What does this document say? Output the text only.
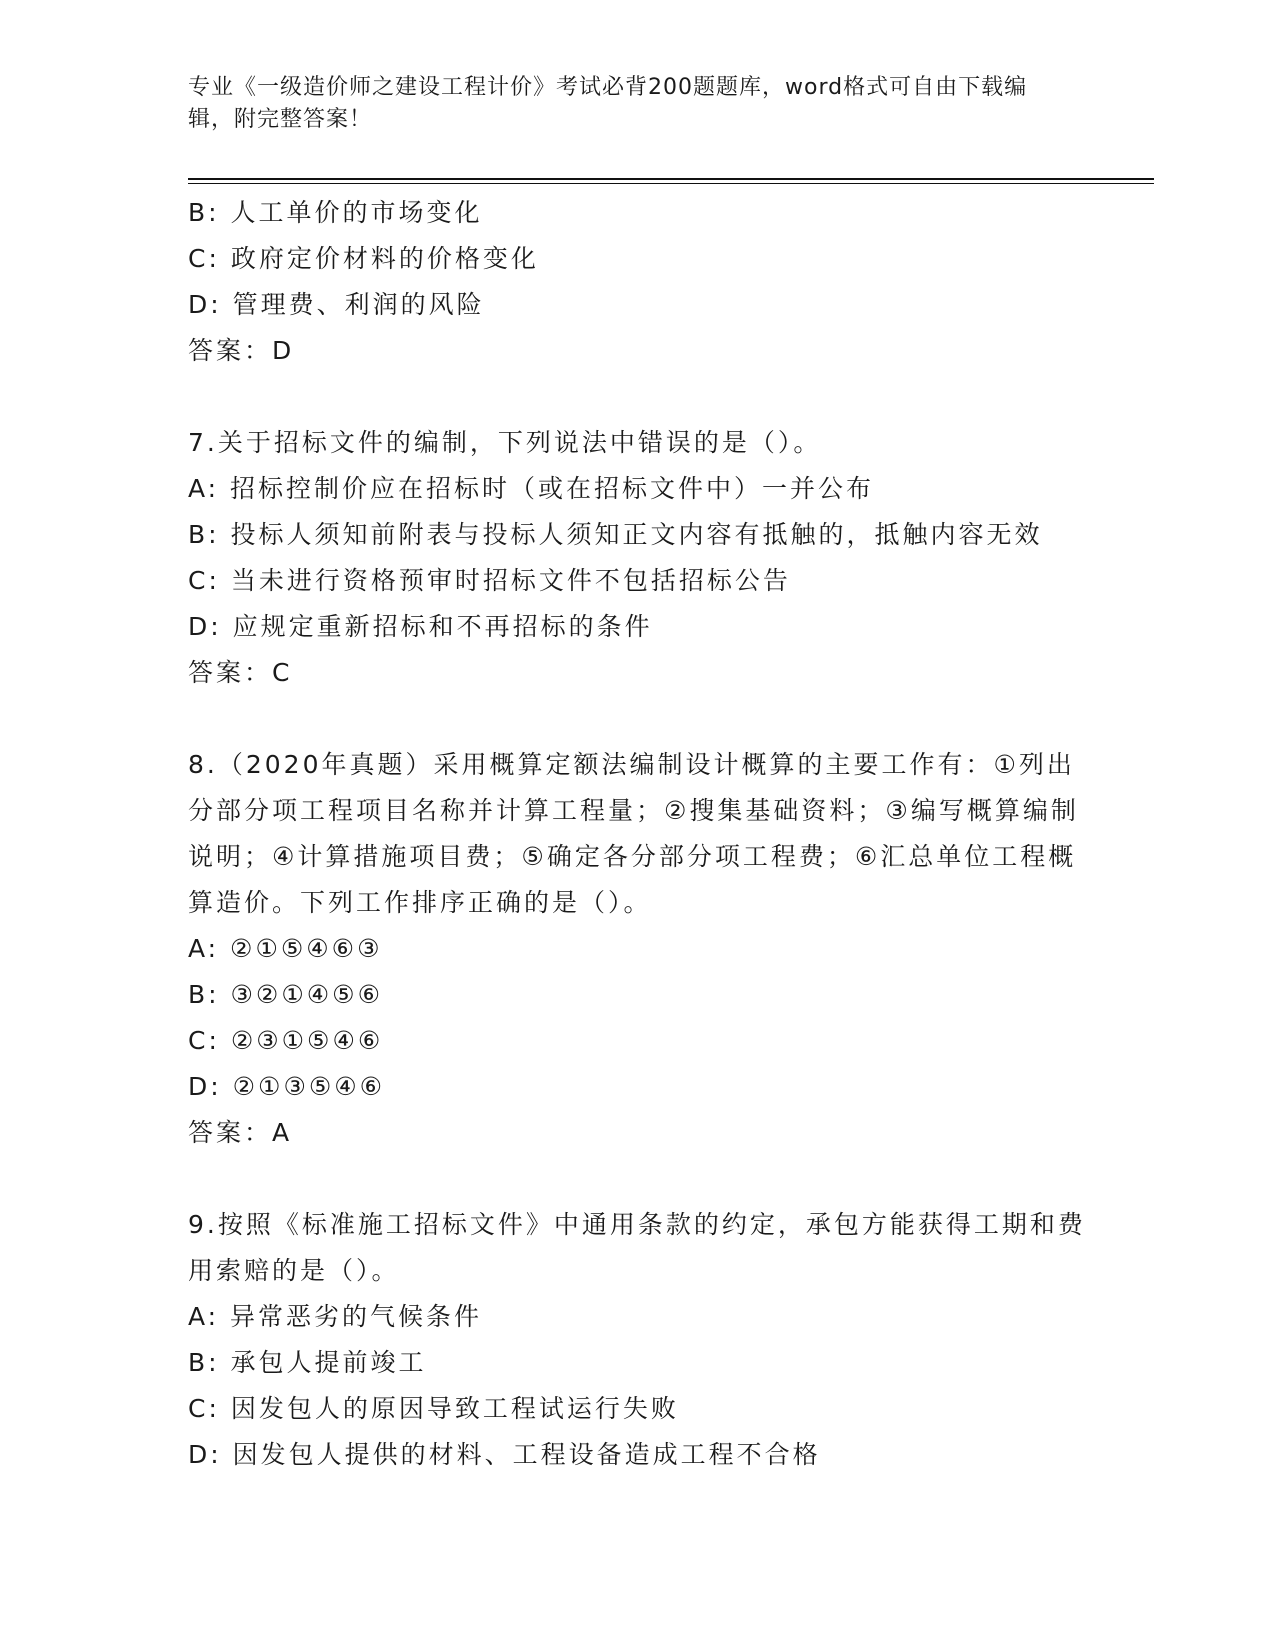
专业《一级造价师之建设工程计价》考试必背200题题库，word格式可自由下载编辑，附完整答案！
B: 人工单价的市场变化
C: 政府定价材料的价格变化
D: 管理费、利润的风险
答案：D
7.关于招标文件的编制，下列说法中错误的是（）。
A: 招标控制价应在招标时（或在招标文件中）一并公布
B: 投标人须知前附表与投标人须知正文内容有抵触的，抵触内容无效
C: 当未进行资格预审时招标文件不包括招标公告
D: 应规定重新招标和不再招标的条件
答案：C
8.（2020年真题）采用概算定额法编制设计概算的主要工作有：①列出分部分项工程项目名称并计算工程量；②搜集基础资料；③编写概算编制说明；④计算措施项目费；⑤确定各分部分项工程费；⑥汇总单位工程概算造价。下列工作排序正确的是（）。
A: ②①⑤④⑥③
B: ③②①④⑤⑥
C: ②③①⑤④⑥
D: ②①③⑤④⑥
答案：A
9.按照《标准施工招标文件》中通用条款的约定，承包方能获得工期和费用索赔的是（）。
A: 异常恶劣的气候条件
B: 承包人提前竣工
C: 因发包人的原因导致工程试运行失败
D: 因发包人提供的材料、工程设备造成工程不合格
